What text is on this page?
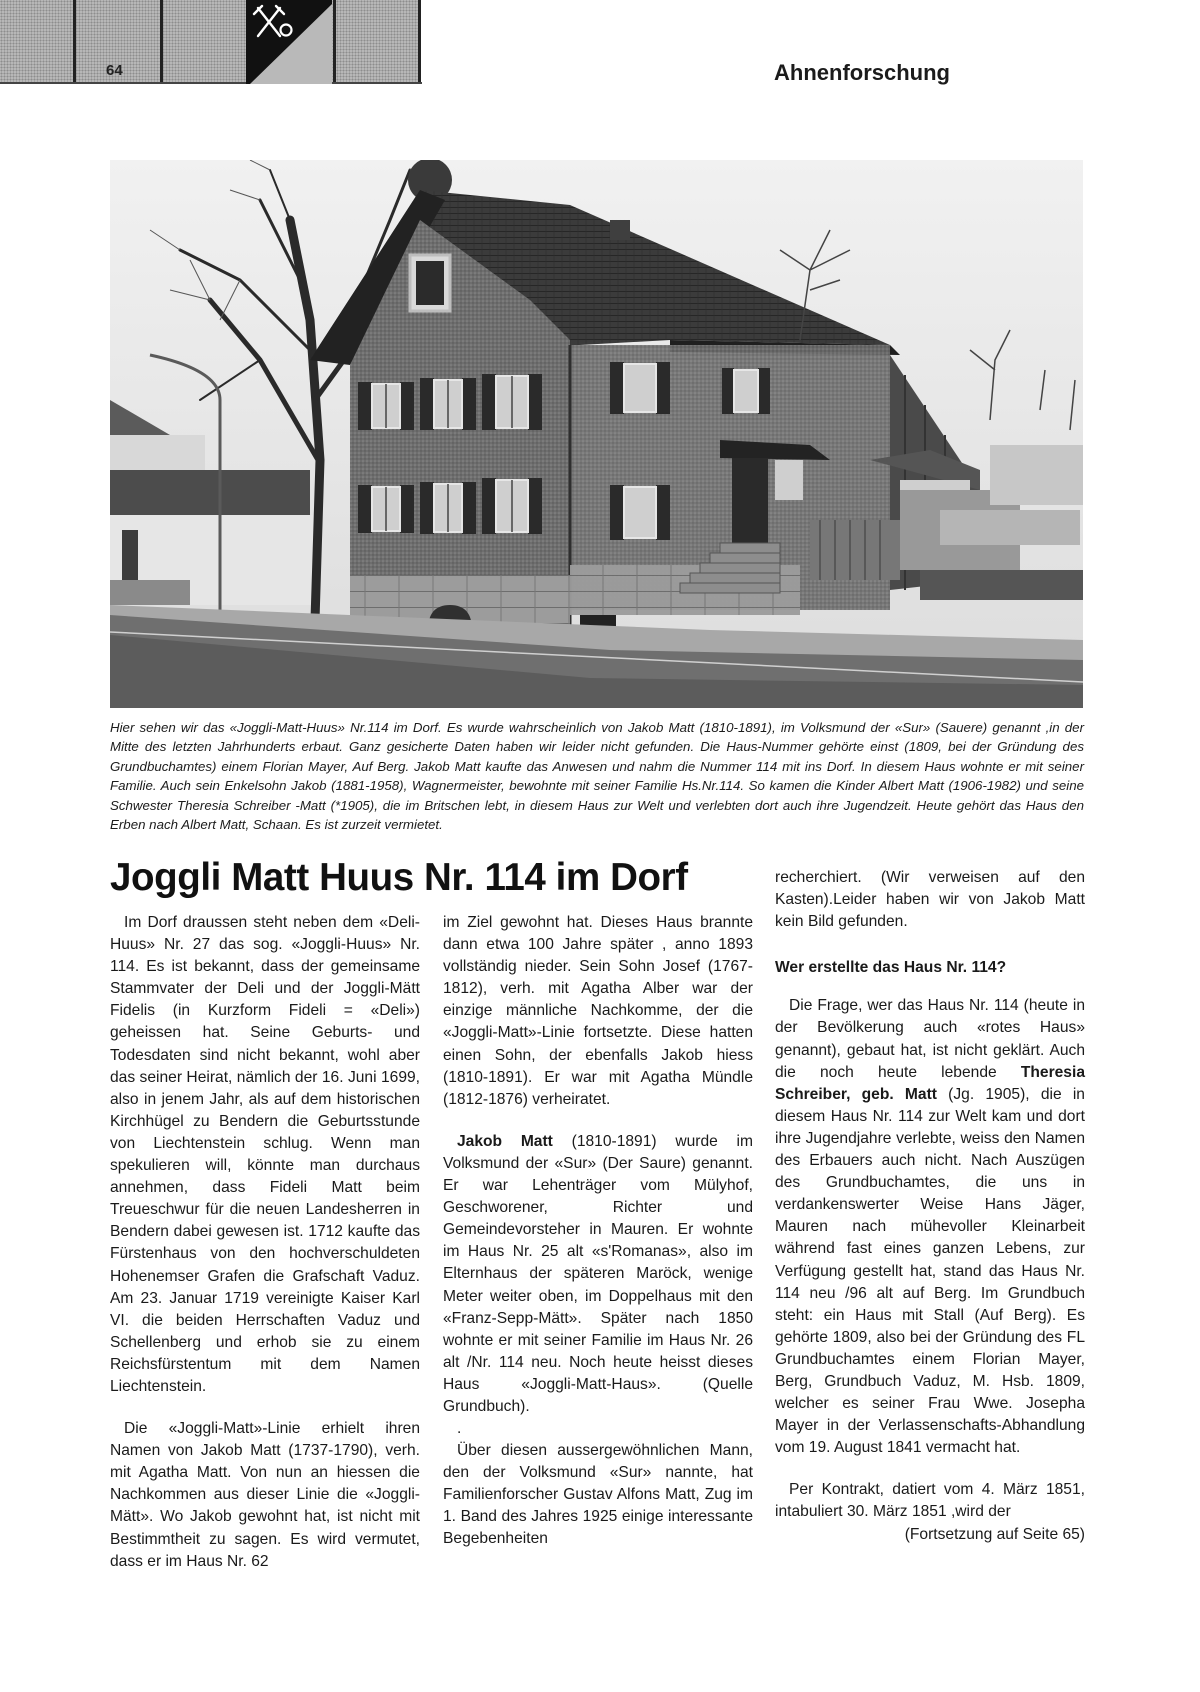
64	Ahnenforschung

Hier sehen wir das «Joggli-Matt-Huus» Nr.114 im Dorf. Es wurde wahrscheinlich von Jakob Matt (1810-1891), im Volksmund der «Sur» (Sauere) genannt ,in der Mitte des letzten Jahrhunderts erbaut. Ganz gesicherte Daten haben wir leider nicht gefunden. Die Haus-Nummer gehörte einst (1809, bei der Gründung des Grundbuchamtes) einem Florian Mayer, Auf Berg. Jakob Matt kaufte das Anwesen und nahm die Nummer 114 mit ins Dorf. In diesem Haus wohnte er mit seiner Familie. Auch sein Enkelsohn Jakob (1881-1958), Wagnermeister, bewohnte mit seiner Familie Hs.Nr.114. So kamen die Kinder Albert Matt (1906-1982) und seine Schwester Theresia Schreiber -Matt (*1905), die im Britschen lebt, in diesem Haus zur Welt und verlebten dort auch ihre Jugendzeit. Heute gehört das Haus den Erben nach Albert Matt, Schaan. Es ist zurzeit vermietet.

Joggli Matt Huus Nr. 114 im Dorf

Im Dorf draussen steht neben dem «Deli-Huus» Nr. 27 das sog. «Joggli-Huus» Nr. 114. Es ist bekannt, dass der gemeinsame Stammvater der Deli und der Joggli-Mätt Fidelis (in Kurzform Fideli = «Deli») geheissen hat. Seine Geburts- und Todesdaten sind nicht bekannt, wohl aber das seiner Heirat, nämlich der 16. Juni 1699, also in jenem Jahr, als auf dem historischen Kirchhügel zu Bendern die Geburtsstunde von Liechtenstein schlug. Wenn man spekulieren will, könnte man durchaus annehmen, dass Fideli Matt beim Treueschwur für die neuen Landesherren in Bendern dabei gewesen ist. 1712 kaufte das Fürstenhaus von den hochverschuldeten Hohenemser Grafen die Grafschaft Vaduz. Am 23. Januar 1719 vereinigte Kaiser Karl VI. die beiden Herrschaften Vaduz und Schellenberg und erhob sie zu einem Reichsfürstentum mit dem Namen Liechtenstein.

Die «Joggli-Matt»-Linie erhielt ihren Namen von Jakob Matt (1737-1790), verh. mit Agatha Matt. Von nun an hiessen die Nachkommen aus dieser Linie die «Joggli-Mätt». Wo Jakob gewohnt hat, ist nicht mit Bestimmtheit zu sagen. Es wird vermutet, dass er im Haus Nr. 62

im Ziel gewohnt hat. Dieses Haus brannte dann etwa 100 Jahre später , anno 1893 vollständig nieder. Sein Sohn Josef (1767-1812), verh. mit Agatha Alber war der einzige männliche Nachkomme, der die «Joggli-Matt»-Linie fortsetzte. Diese hatten einen Sohn, der ebenfalls Jakob hiess (1810-1891). Er war mit Agatha Mündle (1812-1876) verheiratet.

Jakob Matt (1810-1891) wurde im Volksmund der «Sur» (Der Saure) genannt. Er war Lehenträger vom Mülyhof, Geschworener, Richter und Gemeindevorsteher in Mauren. Er wohnte im Haus Nr. 25 alt «s'Romanas», also im Elternhaus der späteren Maröck, wenige Meter weiter oben, im Doppelhaus mit den «Franz-Sepp-Mätt». Später nach 1850 wohnte er mit seiner Familie im Haus Nr. 26 alt /Nr. 114 neu. Noch heute heisst dieses Haus «Joggli-Matt-Haus». (Quelle Grundbuch).

.

Über diesen aussergewöhnlichen Mann, den der Volksmund «Sur» nannte, hat Familienforscher Gustav Alfons Matt, Zug im 1. Band des Jahres 1925 einige interessante Begebenheiten

recherchiert. (Wir verweisen auf den Kasten).Leider haben wir von Jakob Matt kein Bild gefunden.

Wer erstellte das Haus Nr. 114?

Die Frage, wer das Haus Nr. 114 (heute in der Bevölkerung auch «rotes Haus» genannt), gebaut hat, ist nicht geklärt. Auch die noch heute lebende Theresia Schreiber, geb. Matt (Jg. 1905), die in diesem Haus Nr. 114 zur Welt kam und dort ihre Jugendjahre verlebte, weiss den Namen des Erbauers auch nicht. Nach Auszügen des Grundbuchamtes, die uns in verdankenswerter Weise Hans Jäger, Mauren nach mühevoller Kleinarbeit während fast eines ganzen Lebens, zur Verfügung gestellt hat, stand das Haus Nr. 114 neu /96 alt auf Berg. Im Grundbuch steht: ein Haus mit Stall (Auf Berg). Es gehörte 1809, also bei der Gründung des FL Grundbuchamtes einem Florian Mayer, Berg, Grundbuch Vaduz, M. Hsb. 1809, welcher es seiner Frau Wwe. Josepha Mayer in der Verlassenschafts-Abhandlung vom 19. August 1841 vermacht hat.

Per Kontrakt, datiert vom 4. März 1851, intabuliert 30. März 1851 ,wird der

(Fortsetzung auf Seite 65)
